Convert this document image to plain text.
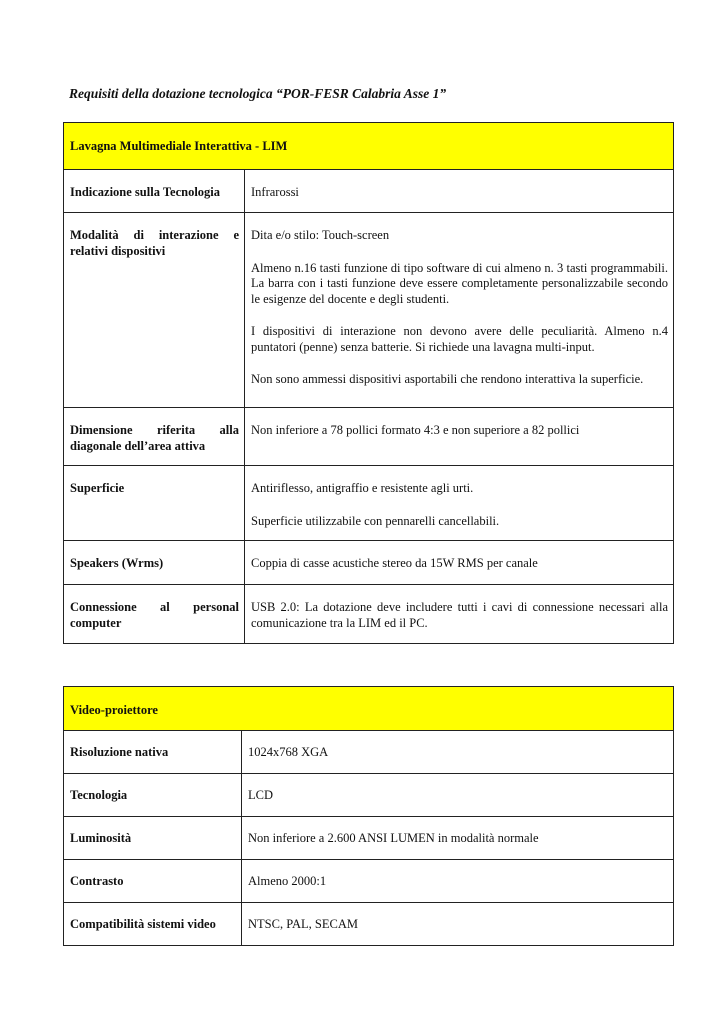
Requisiti della dotazione tecnologica “POR-FESR Calabria Asse 1”
Lavagna Multimediale Interattiva - LIM	

Indicazione sulla Tecnologia	Infrarossi

Modalità di interazione e relativi dispositivi	Dita e/o stilo: Touch-screen

Almeno n.16 tasti funzione di tipo software di cui almeno n. 3 tasti programmabili. La barra con i tasti funzione deve essere completamente personalizzabile secondo le esigenze del docente e degli studenti.

I dispositivi di interazione non devono avere delle peculiarità. Almeno n.4 puntatori (penne) senza batterie. Si richiede una lavagna multi-input.

Non sono ammessi dispositivi asportabili che rendono interattiva la superficie.

Dimensione riferita alla diagonale dell’area attiva	Non inferiore a 78 pollici formato 4:3 e non superiore a 82 pollici

Superficie	Antiriflesso, antigraffio e resistente agli urti.

Superficie utilizzabile con pennarelli cancellabili.

Speakers (Wrms)	Coppia di casse acustiche stereo da 15W RMS per canale

Connessione al personal computer	USB 2.0: La dotazione deve includere tutti i cavi di connessione necessari alla comunicazione tra la LIM ed il PC.

Video-proiettore	

Risoluzione nativa	1024x768 XGA

Tecnologia	LCD

Luminosità	Non inferiore a 2.600 ANSI LUMEN in modalità normale

Contrasto	Almeno 2000:1

Compatibilità sistemi video	NTSC, PAL, SECAM
